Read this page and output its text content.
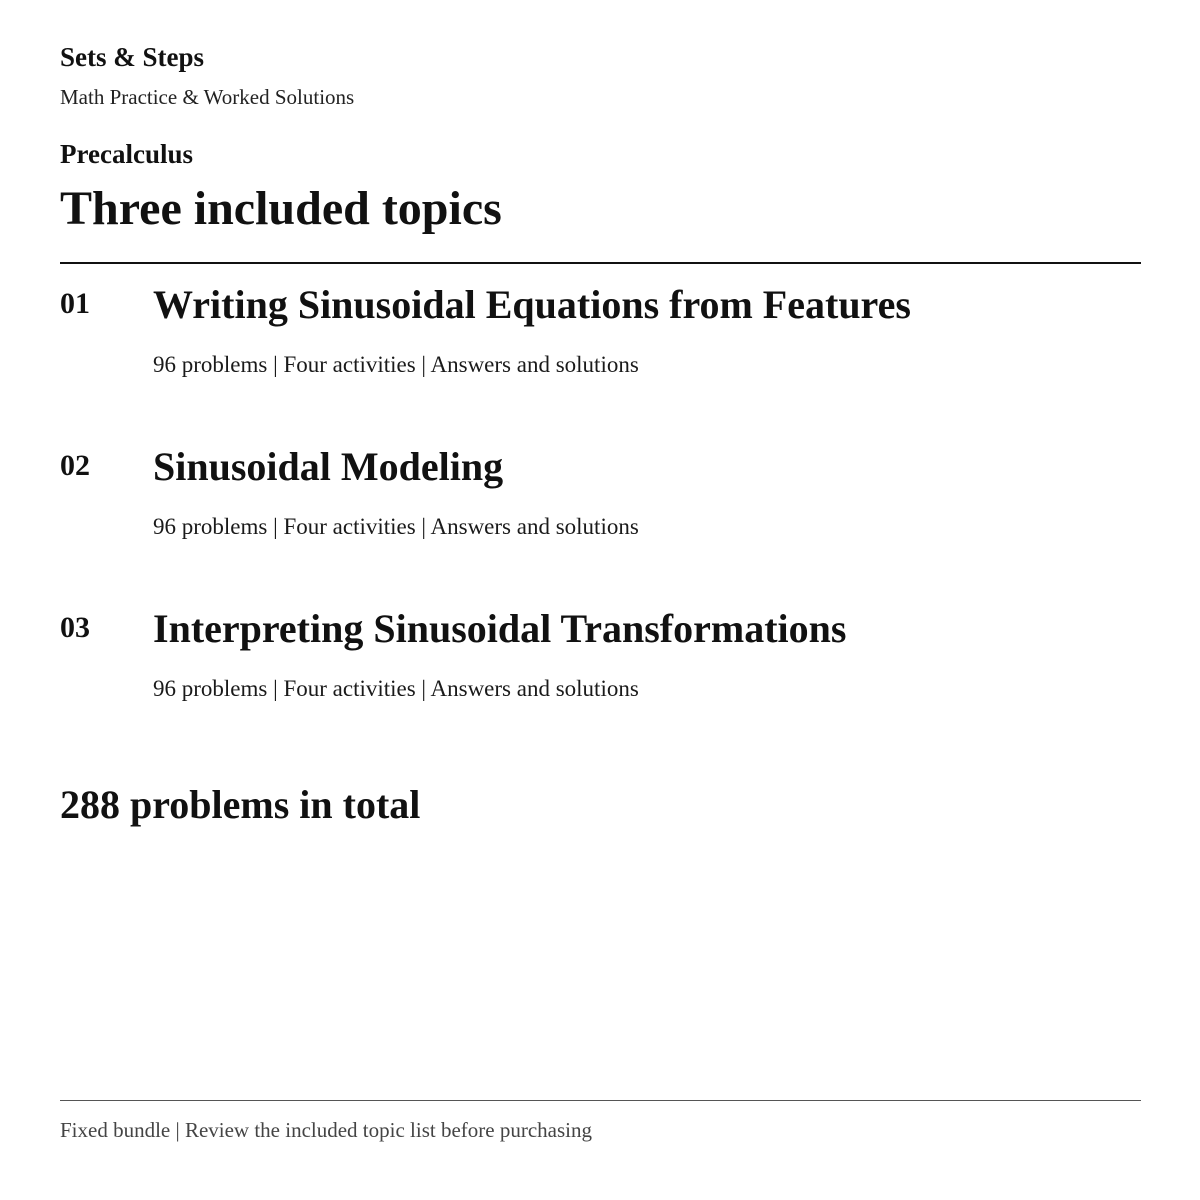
Sets & Steps
Math Practice & Worked Solutions
Precalculus
Three included topics
01 Writing Sinusoidal Equations from Features
96 problems | Four activities | Answers and solutions
02 Sinusoidal Modeling
96 problems | Four activities | Answers and solutions
03 Interpreting Sinusoidal Transformations
96 problems | Four activities | Answers and solutions
288 problems in total
Fixed bundle | Review the included topic list before purchasing
